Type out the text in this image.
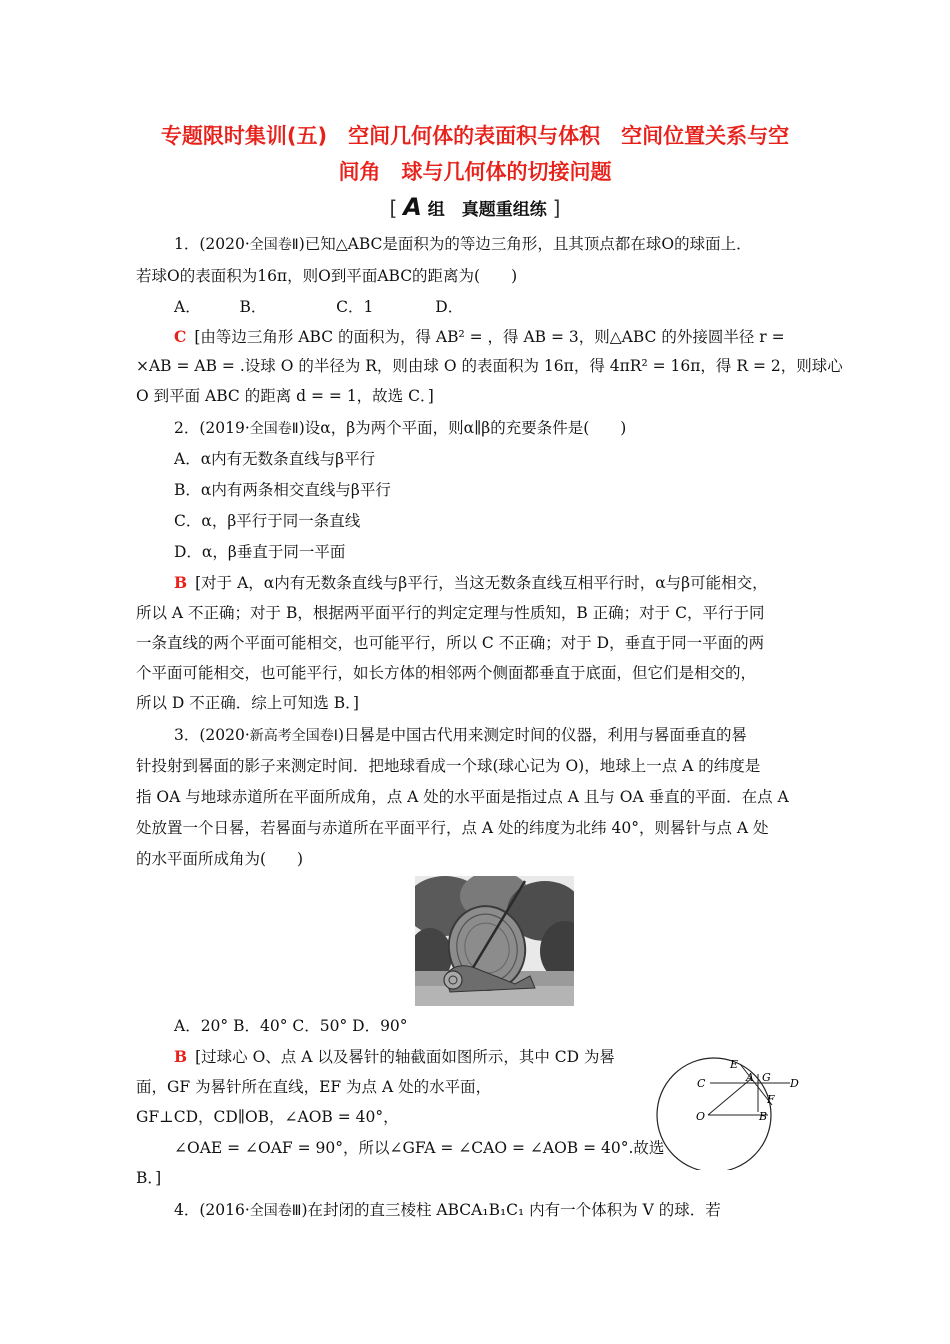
专题限时集训(五)　空间几何体的表面积与体积　空间位置关系与空
间角　球与几何体的切接问题
[ A 组　真题重组练 ]
1．(2020·全国卷Ⅱ)已知△ABC是面积为的等边三角形，且其顶点都在球O的球面上．
若球O的表面积为16π，则O到平面ABC的距离为(　　)
A．　　　B．　　　　　C．1　　　　D．
C [由等边三角形 ABC 的面积为，得 AB² = ，得 AB = 3，则△ABC 的外接圆半径 r =
×AB = AB = .设球 O 的半径为 R，则由球 O 的表面积为 16π，得 4πR² = 16π，得 R = 2，则球心
O 到平面 ABC 的距离 d = = 1，故选 C．]
2．(2019·全国卷Ⅱ)设α，β为两个平面，则α∥β的充要条件是(　　)
A．α内有无数条直线与β平行
B．α内有两条相交直线与β平行
C．α，β平行于同一条直线
D．α，β垂直于同一平面
B [对于 A，α内有无数条直线与β平行，当这无数条直线互相平行时，α与β可能相交，
所以 A 不正确；对于 B，根据两平面平行的判定定理与性质知，B 正确；对于 C，平行于同
一条直线的两个平面可能相交，也可能平行，所以 C 不正确；对于 D，垂直于同一平面的两
个平面可能相交，也可能平行，如长方体的相邻两个侧面都垂直于底面，但它们是相交的，
所以 D 不正确．综上可知选 B．]
3．(2020·新高考全国卷Ⅰ)日晷是中国古代用来测定时间的仪器，利用与晷面垂直的晷
针投射到晷面的影子来测定时间．把地球看成一个球(球心记为 O)，地球上一点 A 的纬度是
指 OA 与地球赤道所在平面所成角，点 A 处的水平面是指过点 A 且与 OA 垂直的平面．在点 A
处放置一个日晷，若晷面与赤道所在平面平行，点 A 处的纬度为北纬 40°，则晷针与点 A 处
的水平面所成角为(　　)
A．20° B．40° C．50° D．90°
B [过球心 O、点 A 以及晷针的轴截面如图所示，其中 CD 为晷
面，GF 为晷针所在直线，EF 为点 A 处的水平面，
GF⊥CD，CD∥OB，∠AOB = 40°，
∠OAE = ∠OAF = 90°，所以∠GFA = ∠CAO = ∠AOB = 40°.故选
B．]
E
C	A G D
F
O	B
4．(2016·全国卷Ⅲ)在封闭的直三棱柱 ABCA₁B₁C₁ 内有一个体积为 V 的球．若
